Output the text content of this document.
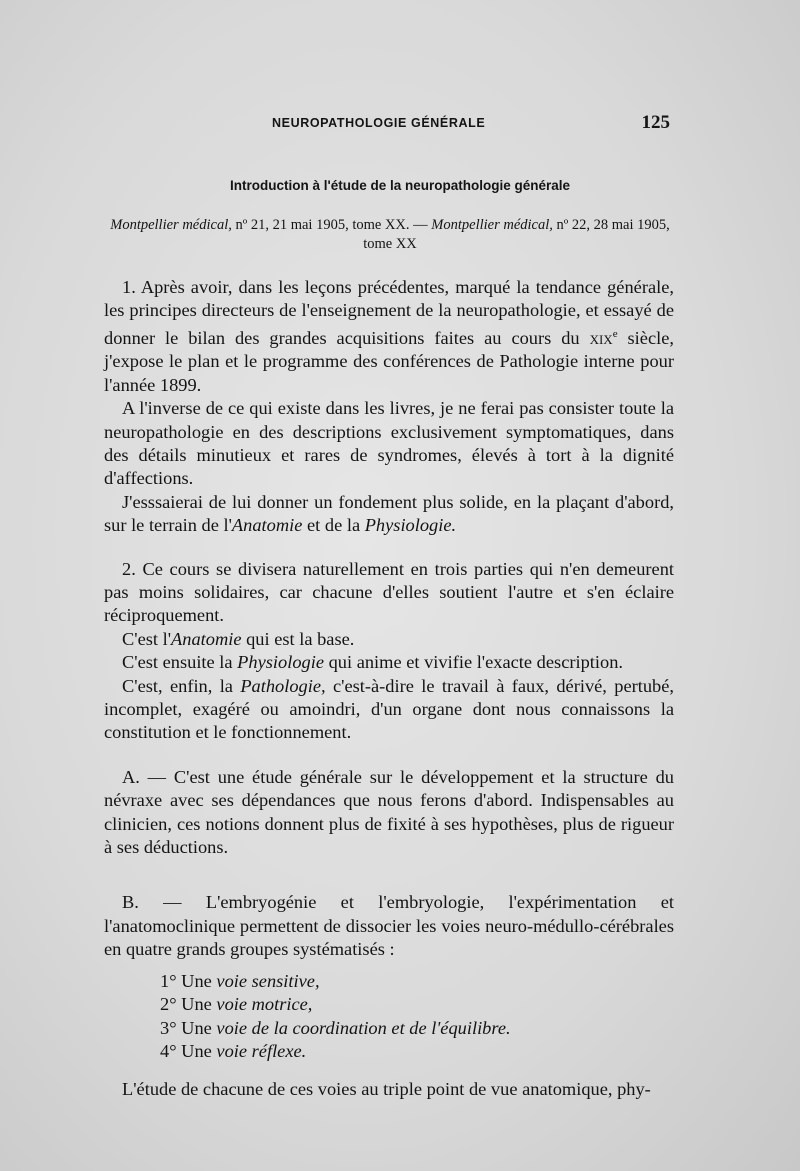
NEUROPATHOLOGIE GÉNÉRALE	125
Introduction à l'étude de la neuropathologie générale
Montpellier médical, nº 21, 21 mai 1905, tome XX. — Montpellier médical, nº 22, 28 mai 1905,
tome XX

1. Après avoir, dans les leçons précédentes, marqué la tendance générale, les principes directeurs de l'enseignement de la neuropathologie, et essayé de donner le bilan des grandes acquisitions faites au cours du xix$^e$ siècle, j'expose le plan et le programme des conférences de Pathologie interne pour l'année 1899.

A l'inverse de ce qui existe dans les livres, je ne ferai pas consister toute la neuropathologie en des descriptions exclusivement symptomatiques, dans des détails minutieux et rares de syndromes, élevés à tort à la dignité d'affections.

J'esssaierai de lui donner un fondement plus solide, en la plaçant d'abord, sur le terrain de l'Anatomie et de la Physiologie.

2. Ce cours se divisera naturellement en trois parties qui n'en demeurent pas moins solidaires, car chacune d'elles soutient l'autre et s'en éclaire réciproquement.

C'est l'Anatomie qui est la base.

C'est ensuite la Physiologie qui anime et vivifie l'exacte description.

C'est, enfin, la Pathologie, c'est-à-dire le travail à faux, dérivé, pertubé, incomplet, exagéré ou amoindri, d'un organe dont nous connaissons la constitution et le fonctionnement.

A. — C'est une étude générale sur le développement et la structure du névraxe avec ses dépendances que nous ferons d'abord. Indispensables au clinicien, ces notions donnent plus de fixité à ses hypothèses, plus de rigueur à ses déductions.

B. — L'embryogénie et l'embryologie, l'expérimentation et l'anatomoclinique permettent de dissocier les voies neuro-médullo-cérébrales en quatre grands groupes systématisés :

1° Une voie sensitive,
2° Une voie motrice,
3° Une voie de la coordination et de l'équilibre.
4° Une voie réflexe.

L'étude de chacune de ces voies au triple point de vue anatomique, phy-
